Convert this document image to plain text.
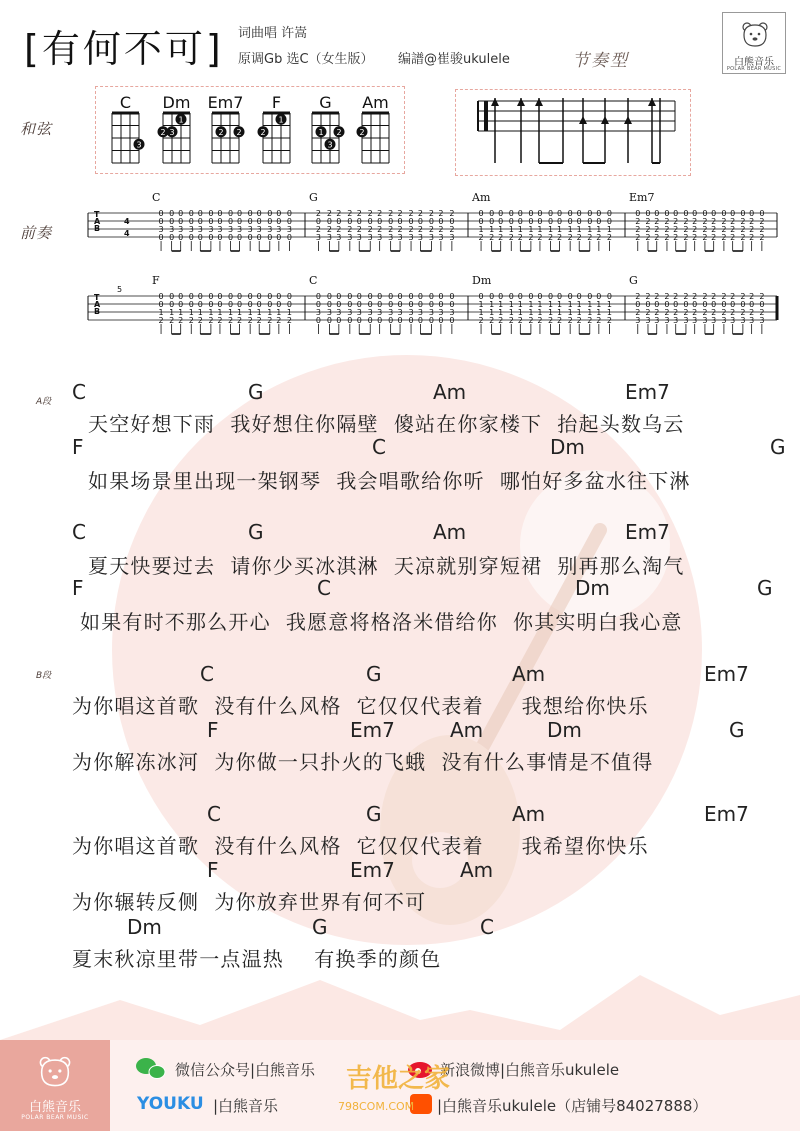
[有何不可] 词曲唱 许嵩
原调Gb 选C（女生版） 编譜@崔骏ukulele	节奏型	白熊音乐
POLAR BEAR MUSIC
和弦
前奏
A段
B段
C
3
Dm
2 3
1
Em7
2 2
F
2
1
G
1
3
2
Am
2
T
A
B
4
4
C
0
0
3
0
0
0
3
0
0
0
3
0
0
0
3
0
0
0
3
0
0
0
3
0
0
0
3
0
0
0
3
0
0
0
3
0
0
0
3
0
0
0
3
0
0
0
3
0
0
0
3
0
0
0
3
0
G
2
0
2
3
2
0
2
3
2
0
2
3
2
0
2
3
2
0
2
3
2
0
2
3
2
0
2
3
2
0
2
3
2
0
2
3
2
0
2
3
2
0
2
3
2
0
2
3
2
0
2
3
2
0
2
3
Am
0
0
1
2
0
0
1
2
0
0
1
2
0
0
1
2
0
0
1
2
0
0
1
2
0
0
1
2
0
0
1
2
0
0
1
2
0
0
1
2
0
0
1
2
0
0
1
2
0
0
1
2
0
0
1
2
Em7
0
2
2
2
0
2
2
2
0
2
2
2
0
2
2
2
0
2
2
2
0
2
2
2
0
2
2
2
0
2
2
2
0
2
2
2
0
2
2
2
0
2
2
2
0
2
2
2
0
2
2
2
0
2
2
2
T
A
B
5
F
0
0
1
2
0
0
1
2
0
0
1
2
0
0
1
2
0
0
1
2
0
0
1
2
0
0
1
2
0
0
1
2
0
0
1
2
0
0
1
2
0
0
1
2
0
0
1
2
0
0
1
2
0
0
1
2
C
0
0
3
0
0
0
3
0
0
0
3
0
0
0
3
0
0
0
3
0
0
0
3
0
0
0
3
0
0
0
3
0
0
0
3
0
0
0
3
0
0
0
3
0
0
0
3
0
0
0
3
0
0
0
3
0
Dm
0
1
1
2
0
1
1
2
0
1
1
2
0
1
1
2
0
1
1
2
0
1
1
2
0
1
1
2
0
1
1
2
0
1
1
2
0
1
1
2
0
1
1
2
0
1
1
2
0
1
1
2
0
1
1
2
G
2
0
2
3
2
0
2
3
2
0
2
3
2
0
2
3
2
0
2
3
2
0
2
3
2
0
2
3
2
0
2
3
2
0
2
3
2
0
2
3
2
0
2
3
2
0
2
3
2
0
2
3
2
0
2
3
C	G	Am	Em7
天空好想下雨  我好想住你隔壁  傻站在你家楼下  抬起头数乌云
F	C	Dm	G
如果场景里出现一架钢琴  我会唱歌给你听  哪怕好多盆水往下淋
C	G	Am	Em7
夏天快要过去  请你少买冰淇淋  天凉就别穿短裙  别再那么淘气
F	C	Dm	G
如果有时不那么开心  我愿意将格洛米借给你  你其实明白我心意
C	G	Am	Em7
为你唱这首歌  没有什么风格  它仅仅代表着     我想给你快乐
F	Em7	Am	Dm	G
为你解冻冰河  为你做一只扑火的飞蛾  没有什么事情是不值得
C	G	Am	Em7
为你唱这首歌  没有什么风格  它仅仅代表着     我希望你快乐
F	Em7	Am
为你辗转反侧  为你放弃世界有何不可
Dm	G	C
夏末秋凉里带一点温热    有换季的颜色
白熊音乐
POLAR BEAR MUSIC
微信公众号|白熊音乐	新浪微博|白熊音乐ukulele
YOUKU |白熊音乐	|白熊音乐ukulele（店铺号84027888）
吉他之家
798COM.COM
